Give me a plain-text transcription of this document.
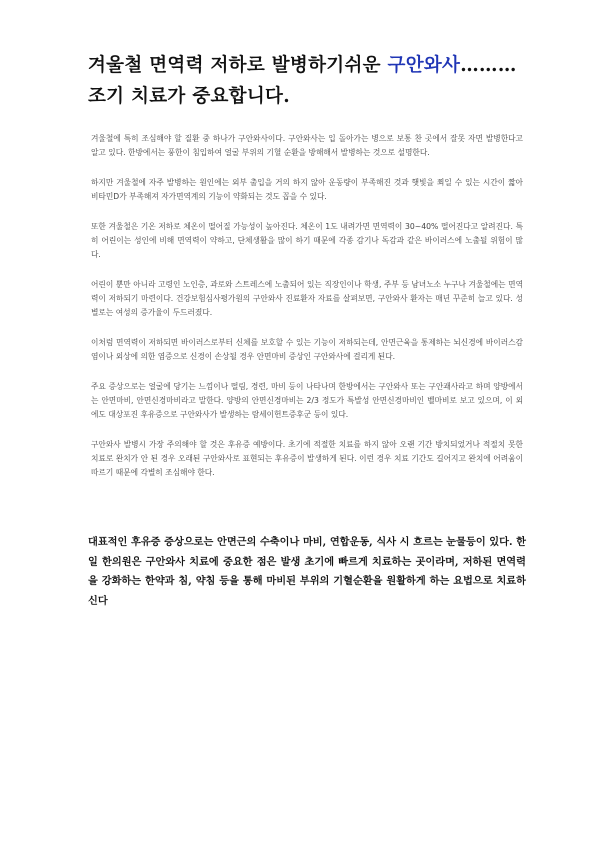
겨울철 면역력 저하로 발병하기쉬운 구안와사……… 조기 치료가 중요합니다.

겨울철에 특히 조심해야 할 질환 중 하나가 구안와사이다. 구안와사는 입 돌아가는 병으로 보통 찬 곳에서 잘못 자면 발병한다고 알고 있다. 한방에서는 풍한이 침입하여 얼굴 부위의 기혈 순환을 방해해서 발병하는 것으로 설명한다.

하지만 겨울철에 자주 발병하는 원인에는 외부 출입을 거의 하지 않아 운동량이 부족해진 것과 햇빛을 쬐일 수 있는 시간이 짧아 비타민D가 부족해져 자가면역계의 기능이 약화되는 것도 꼽을 수 있다.

또한 겨울철은 기온 저하로 체온이 떨어질 가능성이 높아진다. 체온이 1도 내려가면 면역력이 30~40% 떨어진다고 알려진다. 특히 어린이는 성인에 비해 면역력이 약하고, 단체생활을 많이 하기 때문에 각종 감기나 독감과 같은 바이러스에 노출될 위험이 많다.

어린이 뿐만 아니라 고령인 노인층, 과로와 스트레스에 노출되어 있는 직장인이나 학생, 주부 등 남녀노소 누구나 겨울철에는 면역력이 저하되기 마련이다. 건강보험심사평가원의 구안와사 진료환자 자료를 살펴보면, 구안와사 환자는 매년 꾸준히 늘고 있다. 성별로는 여성의 증가율이 두드러졌다.

이처럼 면역력이 저하되면 바이러스로부터 신체를 보호할 수 있는 기능이 저하되는데, 안면근육을 통제하는 뇌신경에 바이러스감염이나 외상에 의한 염증으로 신경이 손상될 경우 안면마비 증상인 구안와사에 걸리게 된다.

주요 증상으로는 얼굴에 당기는 느낌이나 떨림, 경련, 마비 등이 나타나며 한방에서는 구안와사 또는 구안괘사라고 하며 양방에서는 안면마비, 안면신경마비라고 말한다. 양방의 안면신경마비는 2/3 정도가 특발성 안면신경마비인 벨마비로 보고 있으며, 이 외에도 대상포진 후유증으로 구안와사가 발생하는 람세이헌트증후군 등이 있다.

구안와사 발병시 가장 주의해야 할 것은 후유증 예방이다. 초기에 적절한 치료를 하지 않아 오랜 기간 방치되었거나 적절치 못한 치료로 완치가 안 된 경우 오래된 구안와사로 표현되는 후유증이 발생하게 된다. 이런 경우 치료 기간도 길어지고 완치에 어려움이 따르기 때문에 각별히 조심해야 한다.

대표적인 후유증 증상으로는 안면근의 수축이나 마비, 연합운동, 식사 시 흐르는 눈물등이 있다. 한일 한의원은 구안와사 치료에 중요한 점은 발생 초기에 빠르게 치료하는 곳이라며, 저하된 면역력을 강화하는 한약과 침, 약침 등을 통해 마비된 부위의 기혈순환을 원활하게 하는 요법으로 치료하신다
